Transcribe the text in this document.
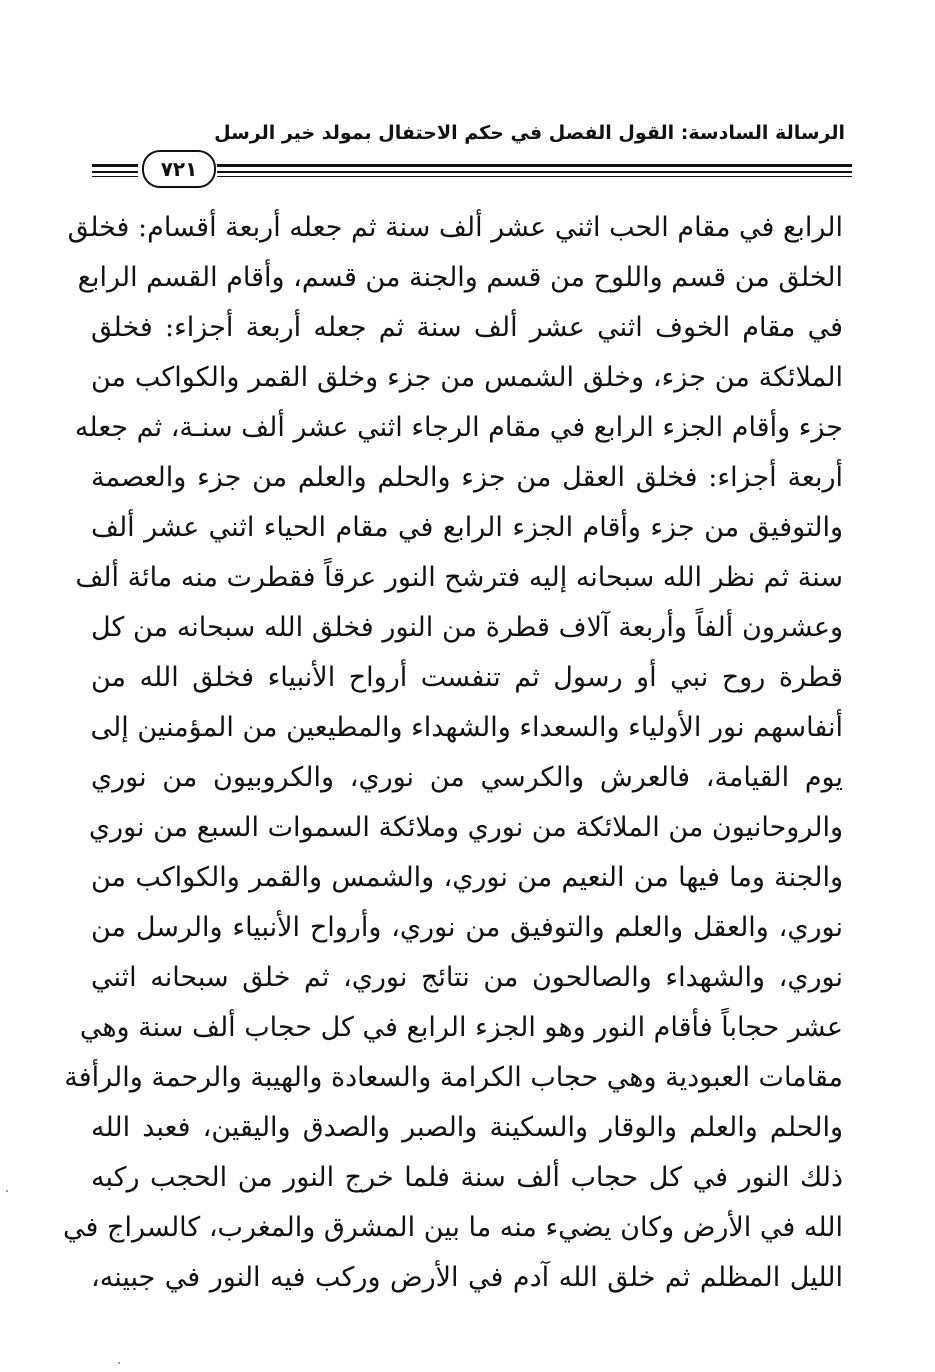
الرسالة السادسة: القول الفصل في حكم الاحتفال بمولد خير الرسل
٧٢١
الرابع في مقام الحب اثني عشر ألف سنة ثم جعله أربعة أقسام: فخلق
الخلق من قسم واللوح من قسم والجنة من قسم، وأقام القسم الرابع
في مقام الخوف اثني عشر ألف سنة ثم جعله أربعة أجزاء: فخلق
الملائكة من جزء، وخلق الشمس من جزء وخلق القمر والكواكب من
جزء وأقام الجزء الرابع في مقام الرجاء اثني عشر ألف سنـة، ثم جعله
أربعة أجزاء: فخلق العقل من جزء والحلم والعلم من جزء والعصمة
والتوفيق من جزء وأقام الجزء الرابع في مقام الحياء اثني عشر ألف
سنة ثم نظر الله سبحانه إليه فترشح النور عرقاً فقطرت منه مائة ألف
وعشرون ألفاً وأربعة آلاف قطرة من النور فخلق الله سبحانه من كل
قطرة روح نبي أو رسول ثم تنفست أرواح الأنبياء فخلق الله من
أنفاسهم نور الأولياء والسعداء والشهداء والمطيعين من المؤمنين إلى
يوم القيامة، فالعرش والكرسي من نوري، والكروبيون من نوري
والروحانيون من الملائكة من نوري وملائكة السموات السبع من نوري
والجنة وما فيها من النعيم من نوري، والشمس والقمر والكواكب من
نوري، والعقل والعلم والتوفيق من نوري، وأرواح الأنبياء والرسل من
نوري، والشهداء والصالحون من نتائج نوري، ثم خلق سبحانه اثني
عشر حجاباً فأقام النور وهو الجزء الرابع في كل حجاب ألف سنة وهي
مقامات العبودية وهي حجاب الكرامة والسعادة والهيبة والرحمة والرأفة
والحلم والعلم والوقار والسكينة والصبر والصدق واليقين، فعبد الله
ذلك النور في كل حجاب ألف سنة فلما خرج النور من الحجب ركبه
الله في الأرض وكان يضيء منه ما بين المشرق والمغرب، كالسراج في
الليل المظلم ثم خلق الله آدم في الأرض وركب فيه النور في جبينه،
